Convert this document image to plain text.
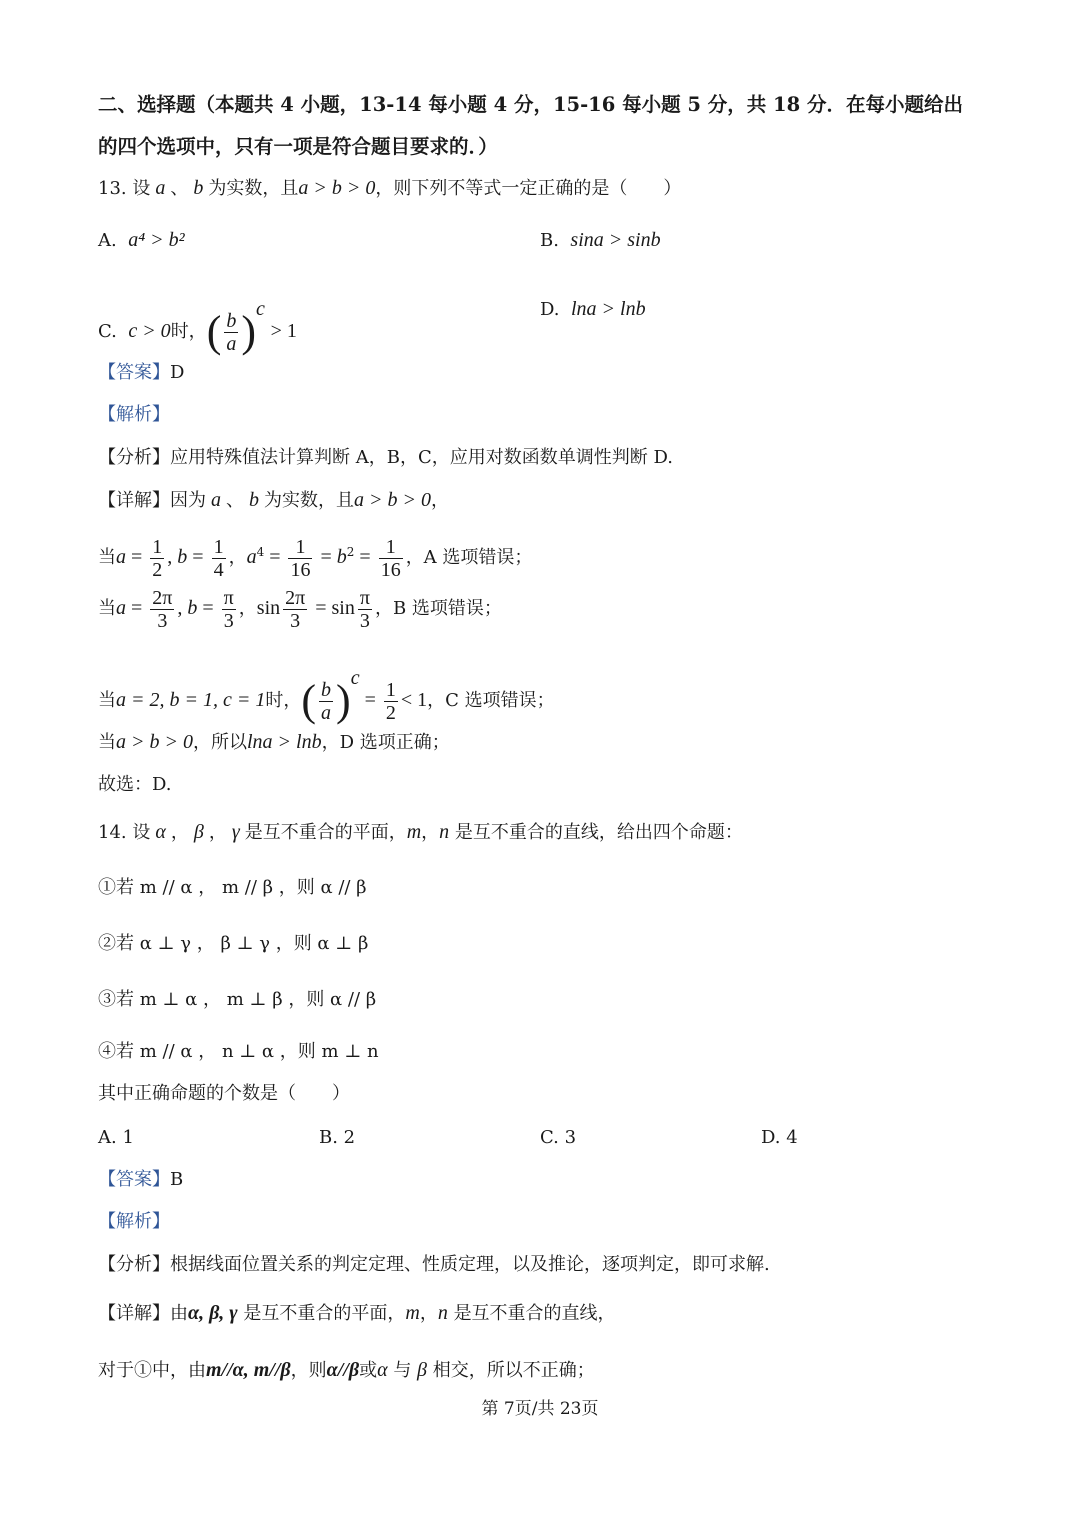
二、选择题（本题共 4 小题，13-14 每小题 4 分，15-16 每小题 5 分，共 18 分．在每小题给出
的四个选项中，只有一项是符合题目要求的．）
13. 设 a 、 b 为实数，且a > b > 0，则下列不等式一定正确的是（　　）
A. a⁴ > b²	B. sina > sinb
C. c > 0时，( $\frac{b}{a} )^c > 1$
D. lna > lnb
【答案】D
【解析】
【分析】应用特殊值法计算判断 A，B，C，应用对数函数单调性判断 D.
【详解】因为 a 、 b 为实数，且a > b > 0，
当$a = \frac{1}{2}$ , $b = \frac{1}{4}$ ，$a^4 = \frac{1}{16} = b^2 = \frac{1}{16}$ ，A 选项错误；
当$a = \frac{2\pi}{3}$ , $b = \frac{\pi}{3}$ ，$\sin \frac{2\pi}{3} = \sin \frac{\pi}{3}$ ，B 选项错误；
当a = 2, b = 1, c = 1时，( $\frac{b}{a} )^c = \frac{1}{2} < 1$，C 选项错误；
当a > b > 0，所以lna > lnb，D 选项正确；
故选：D.
14. 设 α ， β ， γ 是互不重合的平面，m，n 是互不重合的直线，给出四个命题：
①若 m // α ， m // β ，则 α // β
②若 α ⊥ γ ， β ⊥ γ ，则 α ⊥ β
③若 m ⊥ α ， m ⊥ β ，则 α // β
④若 m // α ， n ⊥ α ，则 m ⊥ n
其中正确命题的个数是（　　）
A. 1	B. 2	C. 3	D. 4
【答案】B
【解析】
【分析】根据线面位置关系的判定定理、性质定理，以及推论，逐项判定，即可求解.
【详解】由α, β, γ 是互不重合的平面，m，n 是互不重合的直线，
对于①中，由m//α, m//β，则α//β或α 与 β 相交，所以不正确；
第 7页/共 23页
